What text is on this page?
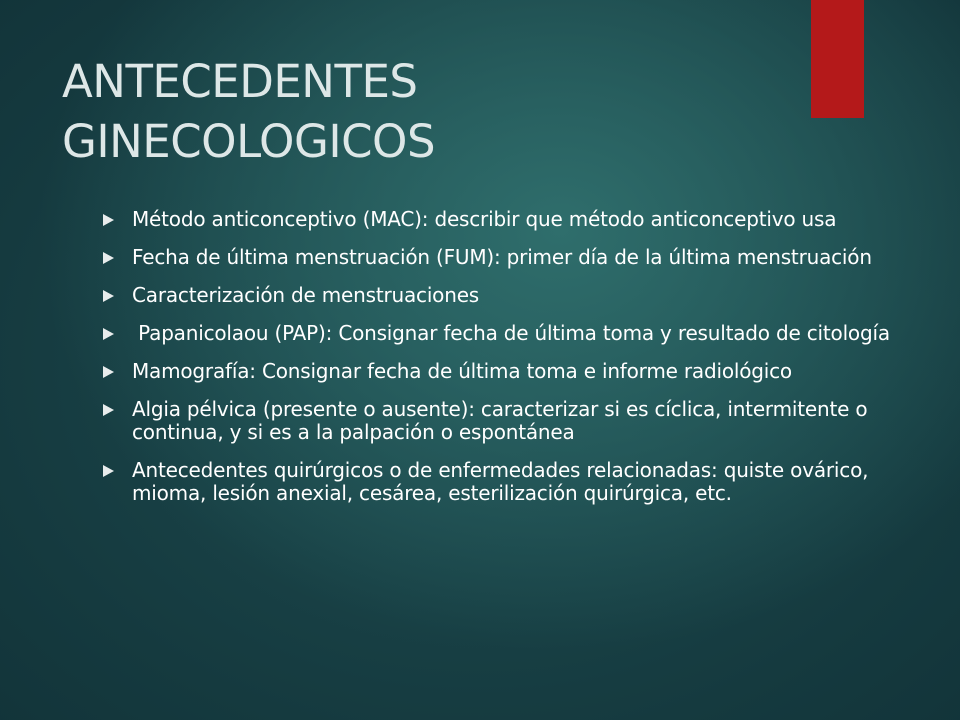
ANTECEDENTES
GINECOLOGICOS
Método anticonceptivo (MAC): describir que método anticonceptivo usa
Fecha de última menstruación (FUM): primer día de la última menstruación
Caracterización de menstruaciones
Papanicolaou (PAP): Consignar fecha de última toma y resultado de citología
Mamografía: Consignar fecha de última toma e informe radiológico
Algia pélvica (presente o ausente): caracterizar si es cíclica, intermitente o continua, y si es a la palpación o espontánea
Antecedentes quirúrgicos o de enfermedades relacionadas: quiste ovárico, mioma, lesión anexial, cesárea, esterilización quirúrgica, etc.
